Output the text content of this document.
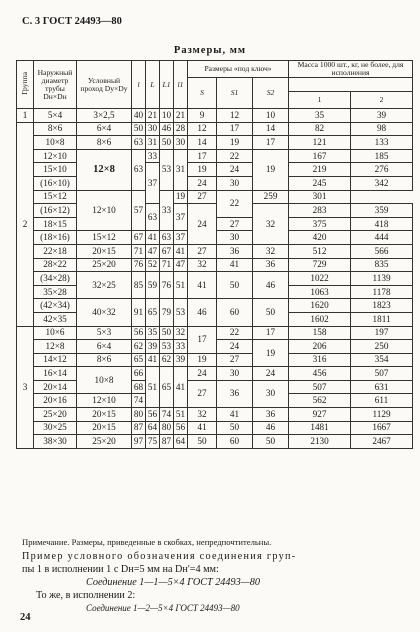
С. 3 ГОСТ 24493—80
Размеры, мм
Группа	Наружный диаметр трубы Dн×Dн	Условный проход Dу×Dу	l	L	L1	l1	Размеры «под ключ»			Масса 1000 шт., кг, не более, для исполнения	
							S	S1	S2		
										1	2
1	5×4	3×2,5	40	21	10	21	9	12	10	35	39
2	8×6	6×4	50	30	46	28	12	17	14	82	98
	10×8	8×6	63	31	50	30	14	19	17	121	133
	12×10	12×8	63	33	53	31	17	22	19	167	185
	15×10			37			19	24		219	276
	(16×10)						24	30		245	342
	15×12	12×10	57		33	19	27	22	259	301	
	(16×12)			63		37	24		32	283	359
	18×15							27		375	418
	(18×16)	15×12	67	41	63	37		30		420	444
	22×18	20×15	71	47	67	41	27	36	32	512	566
	28×22	25×20	76	52	71	47	32	41	36	729	835
	(34×28)	32×25	85	59	76	51	41	50	46	1022	1139
	35×28									1063	1178
	(42×34)	40×32	91	65	79	53	46	60	50	1620	1823
	42×35									1602	1811
3	10×6	5×3	56	35	50	32	17	22	17	158	197
	12×8	6×4	62	39	53	33		24	19	206	250
	14×12	8×6	65	41	62	39	19	27		316	354
	16×14	10×8	66	51	65	41	24	30	24	456	507
	20×14		68				27	36	30	507	631
	20×16	12×10	74							562	611
	25×20	20×15	80	56	74	51	32	41	36	927	1129
	30×25	20×15	87	64	80	56	41	50	46	1481	1667
	38×30	25×20	97	75	87	64	50	60	50	2130	2467
Примечание. Размеры, приведенные в скобках, непредпочтительны.
Пример условного обозначения соединения груп-
пы 1 в исполнении 1 с Dн=5 мм на Dн'=4 мм:
Соединение 1—1—5×4 ГОСТ 24493—80
То же, в исполнении 2:
24
Соединение 1—2—5×4 ГОСТ 24493—80
